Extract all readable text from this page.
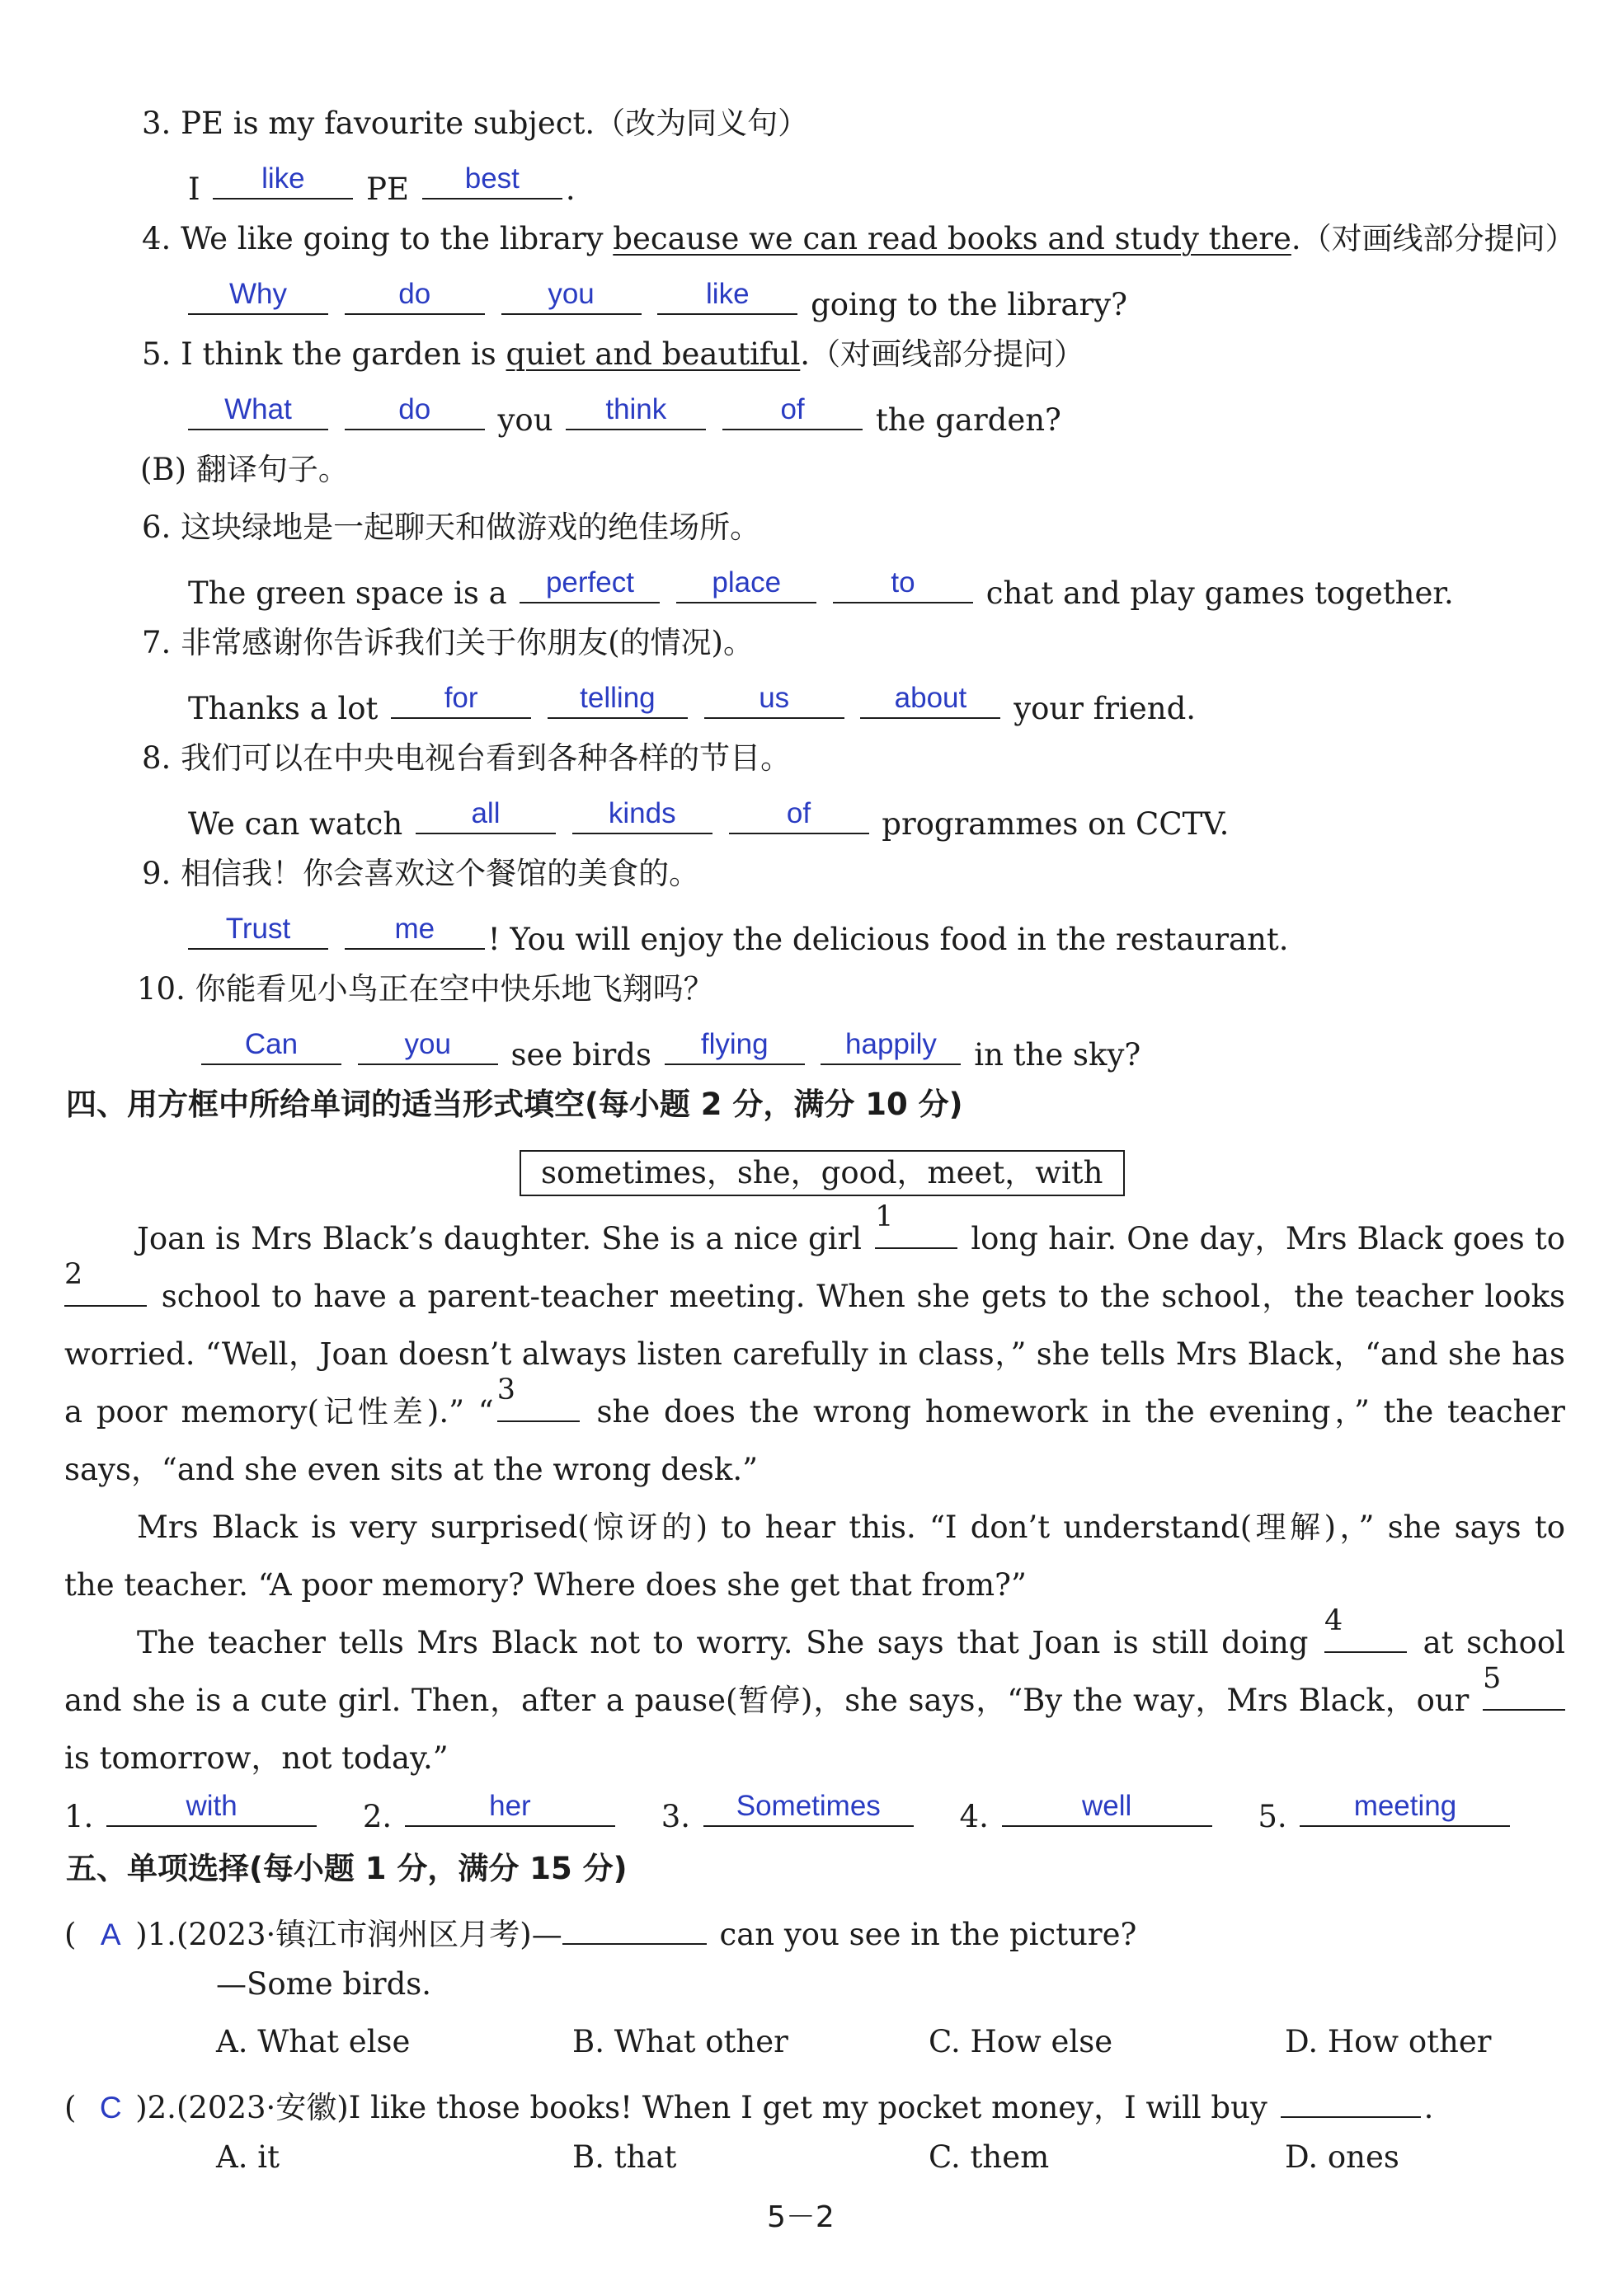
3. PE is my favourite subject.（改为同义句）
I	like	PE	best	.
4. We like going to the library because we can read books and study there.（对画线部分提问）
Why
	do
	you
	like	going to the library?
5. I think the garden is quiet and beautiful.（对画线部分提问）
What
	do	you	think
	of	the garden?
(B) 翻译句子。
6. 这块绿地是一起聊天和做游戏的绝佳场所。
The green space is a	perfect
	place
	to	chat and play games together.
7. 非常感谢你告诉我们关于你朋友(的情况)。
Thanks a lot	for
	telling
	us
	about	your friend.
8. 我们可以在中央电视台看到各种各样的节目。
We can watch	all
	kinds
	of	programmes on CCTV.
9. 相信我！你会喜欢这个餐馆的美食的。
Trust
	me	! You will enjoy the delicious food in the restaurant.
10. 你能看见小鸟正在空中快乐地飞翔吗？
Can
	you	see birds	flying
	happily	in the sky?
四、用方框中所给单词的适当形式填空(每小题 2 分，满分 10 分)
sometimes，she，good，meet，with
Joan is Mrs Black’s daughter. She is a nice girl
1
long hair. One day，Mrs Black goes to
2
school to have a parent-teacher meeting. When she gets to the school，the teacher looks
worried. “Well，Joan doesn’t always listen carefully in class，” she tells Mrs Black，“and she has
a poor memory(记性差).” “
3
she does the wrong homework in the evening，” the teacher
says，“and she even sits at the wrong desk.”
Mrs Black is very surprised(惊讶的) to hear this. “I don’t understand(理解)，” she says to
the teacher. “A poor memory? Where does she get that from?”
The teacher tells Mrs Black not to worry. She says that Joan is still doing
4
at school
and she is a cute girl. Then，after a pause(暂停)，she says，“By the way，Mrs Black，our
5
is tomorrow，not today.”
1.	with	2.	her	3.	Sometimes	4.	well	5.	meeting
五、单项选择(每小题 1 分，满分 15 分)
( A )1.(2023·镇江市润州区月考)—	can you see in the picture?
—Some birds.
A. What else	B. What other	C. How else	D. How other
( C )2.(2023·安徽)I like those books! When I get my pocket money，I will buy	.
A. it	B. that	C. them	D. ones
5－2
